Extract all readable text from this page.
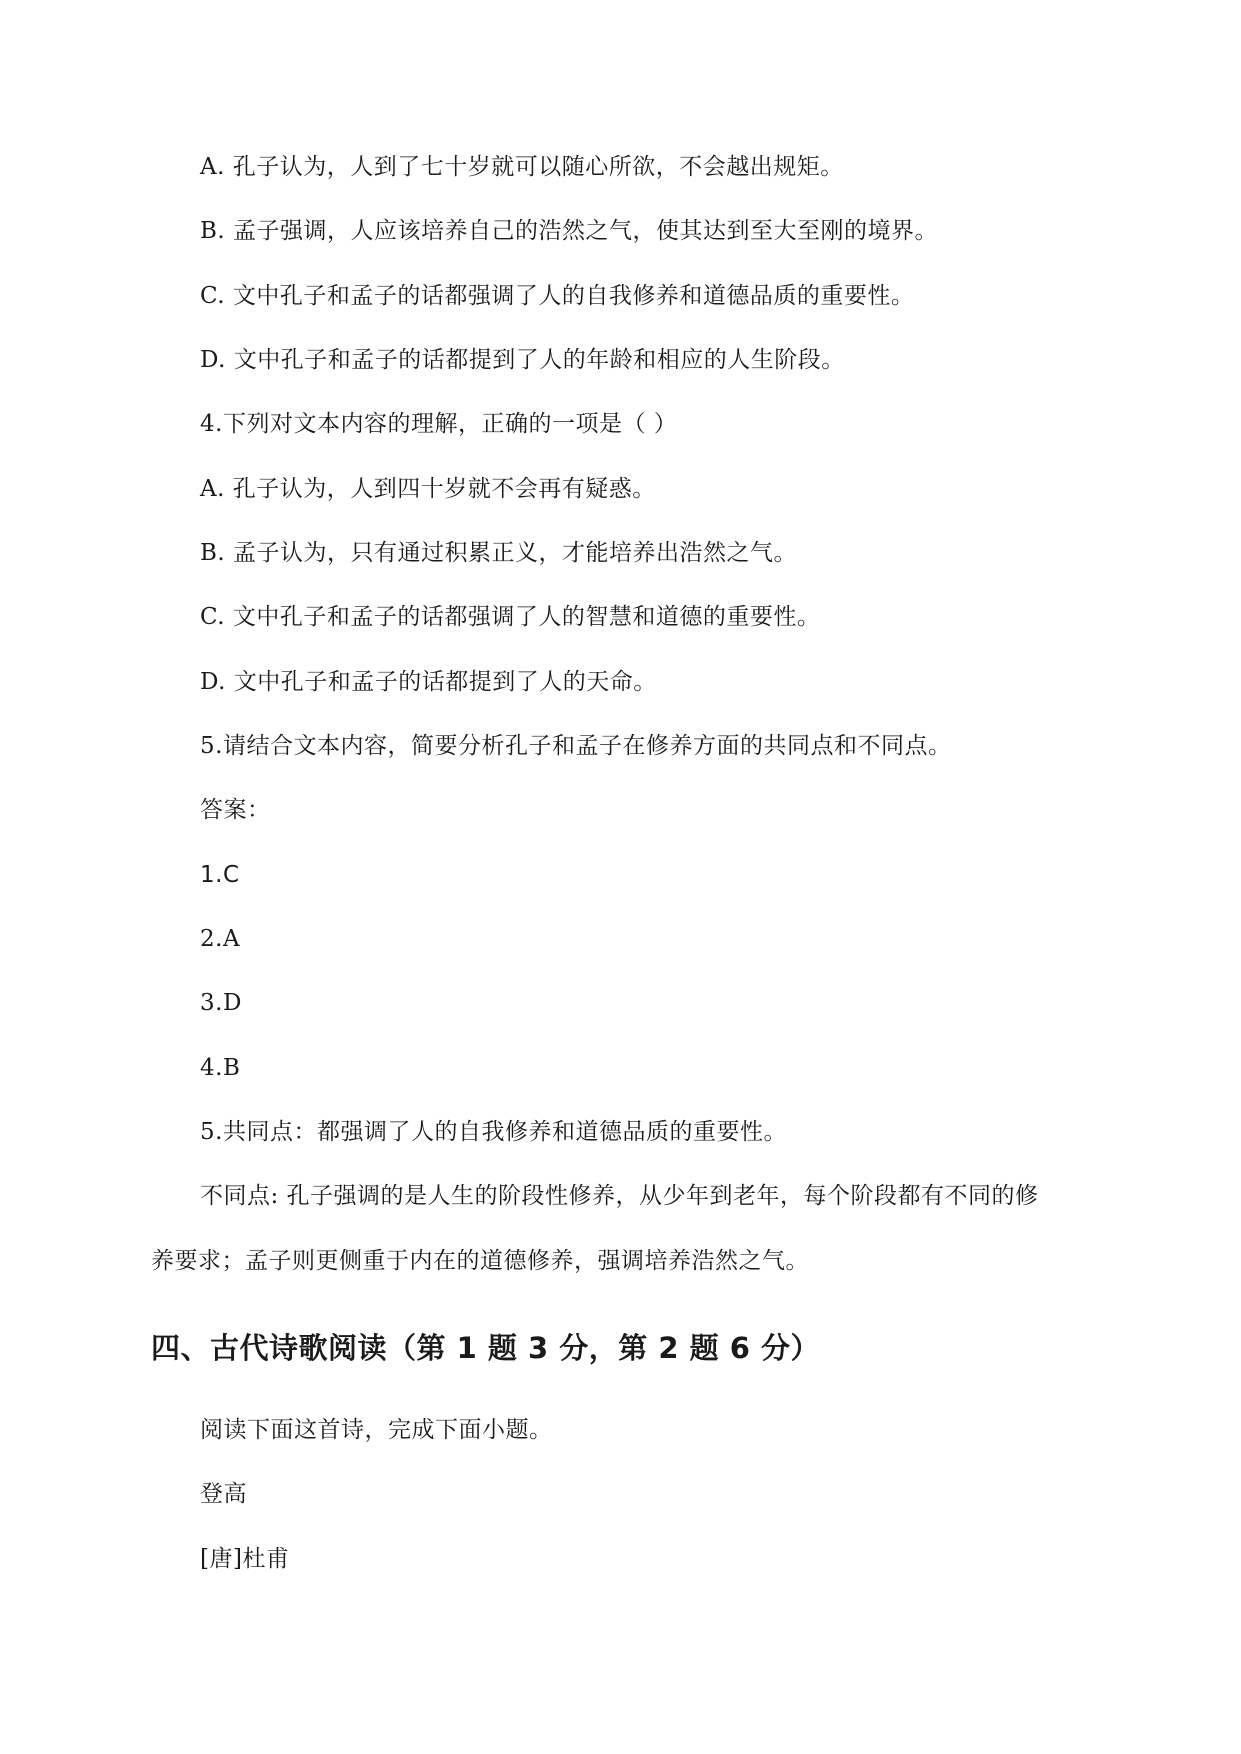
A. 孔子认为，人到了七十岁就可以随心所欲，不会越出规矩。
B. 孟子强调，人应该培养自己的浩然之气，使其达到至大至刚的境界。
C. 文中孔子和孟子的话都强调了人的自我修养和道德品质的重要性。
D. 文中孔子和孟子的话都提到了人的年龄和相应的人生阶段。
4.下列对文本内容的理解，正确的一项是（ ）
A. 孔子认为，人到四十岁就不会再有疑惑。
B. 孟子认为，只有通过积累正义，才能培养出浩然之气。
C. 文中孔子和孟子的话都强调了人的智慧和道德的重要性。
D. 文中孔子和孟子的话都提到了人的天命。
5.请结合文本内容，简要分析孔子和孟子在修养方面的共同点和不同点。
答案：
1.C
2.A
3.D
4.B
5.共同点：都强调了人的自我修养和道德品质的重要性。
不同点: 孔子强调的是人生的阶段性修养，从少年到老年，每个阶段都有不同的修
养要求；孟子则更侧重于内在的道德修养，强调培养浩然之气。
四、古代诗歌阅读（第 1 题 3 分，第 2 题 6 分）
阅读下面这首诗，完成下面小题。
登高
[唐]杜甫
